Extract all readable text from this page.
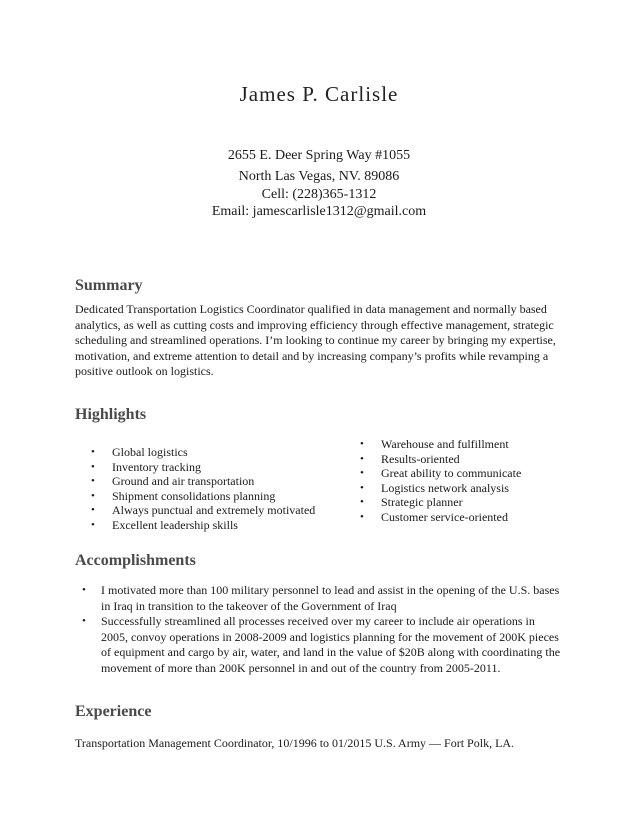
James P. Carlisle
2655 E. Deer Spring Way #1055
North Las Vegas, NV. 89086
Cell: (228)365-1312
Email: jamescarlisle1312@gmail.com
Summary
Dedicated Transportation Logistics Coordinator qualified in data management and normally based analytics, as well as cutting costs and improving efficiency through effective management, strategic scheduling and streamlined operations. I’m looking to continue my career by bringing my expertise, motivation, and extreme attention to detail and by increasing company’s profits while revamping a positive outlook on logistics.
Highlights
• Global logistics
• Inventory tracking
• Ground and air transportation
• Shipment consolidations planning
• Always punctual and extremely motivated
• Excellent leadership skills
• Warehouse and fulfillment
• Results-oriented
• Great ability to communicate
• Logistics network analysis
• Strategic planner
• Customer service-oriented
Accomplishments
• I motivated more than 100 military personnel to lead and assist in the opening of the U.S. bases in Iraq in transition to the takeover of the Government of Iraq
• Successfully streamlined all processes received over my career to include air operations in 2005, convoy operations in 2008-2009 and logistics planning for the movement of 200K pieces of equipment and cargo by air, water, and land in the value of $20B along with coordinating the movement of more than 200K personnel in and out of the country from 2005-2011.
Experience
Transportation Management Coordinator, 10/1996 to 01/2015 U.S. Army — Fort Polk, LA.
